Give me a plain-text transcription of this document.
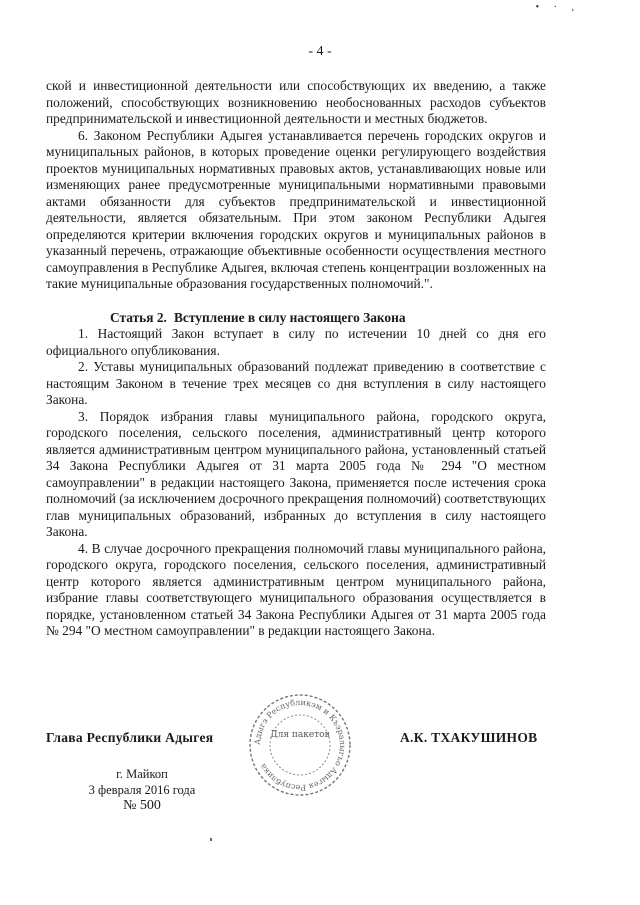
• · ,
- 4 -

ской и инвестиционной деятельности или способствующих их введению, а также положений, способствующих возникновению необоснованных расходов субъектов предпринимательской и инвестиционной деятельности и местных бюджетов.

6. Законом Республики Адыгея устанавливается перечень городских округов и муниципальных районов, в которых проведение оценки регулирующего воздействия проектов муниципальных нормативных правовых актов, устанавливающих новые или изменяющих ранее предусмотренные муниципальными нормативными правовыми актами обязанности для субъектов предпринимательской и инвестиционной деятельности, является обязательным. При этом законом Республики Адыгея определяются критерии включения городских округов и муниципальных районов в указанный перечень, отражающие объективные особенности осуществления местного самоуправления в Республике Адыгея, включая степень концентрации возложенных на такие муниципальные образования государственных полномочий.".

Статья 2. Вступление в силу настоящего Закона

1. Настоящий Закон вступает в силу по истечении 10 дней со дня его официального опубликования.

2. Уставы муниципальных образований подлежат приведению в соответствие с настоящим Законом в течение трех месяцев со дня вступления в силу настоящего Закона.

3. Порядок избрания главы муниципального района, городского округа, городского поселения, сельского поселения, административный центр которого является административным центром муниципального района, установленный статьей 34 Закона Республики Адыгея от 31 марта 2005 года № 294 "О местном самоуправлении" в редакции настоящего Закона, применяется после истечения срока полномочий (за исключением досрочного прекращения полномочий) соответствующих глав муниципальных образований, избранных до вступления в силу настоящего Закона.

4. В случае досрочного прекращения полномочий главы муниципального района, городского округа, городского поселения, сельского поселения, административный центр которого является административным центром муниципального района, избрание главы соответствующего муниципального образования осуществляется в порядке, установленном статьей 34 Закона Республики Адыгея от 31 марта 2005 года № 294 "О местном самоуправлении" в редакции настоящего Закона.

Глава Республики Адыгея	Адыгэ Республикэм и Къэралыгъо Адыгея Республика
Для пакетов	А.К. ТХАКУШИНОВ
г. Майкоп
3 февраля 2016 года
№ 500
